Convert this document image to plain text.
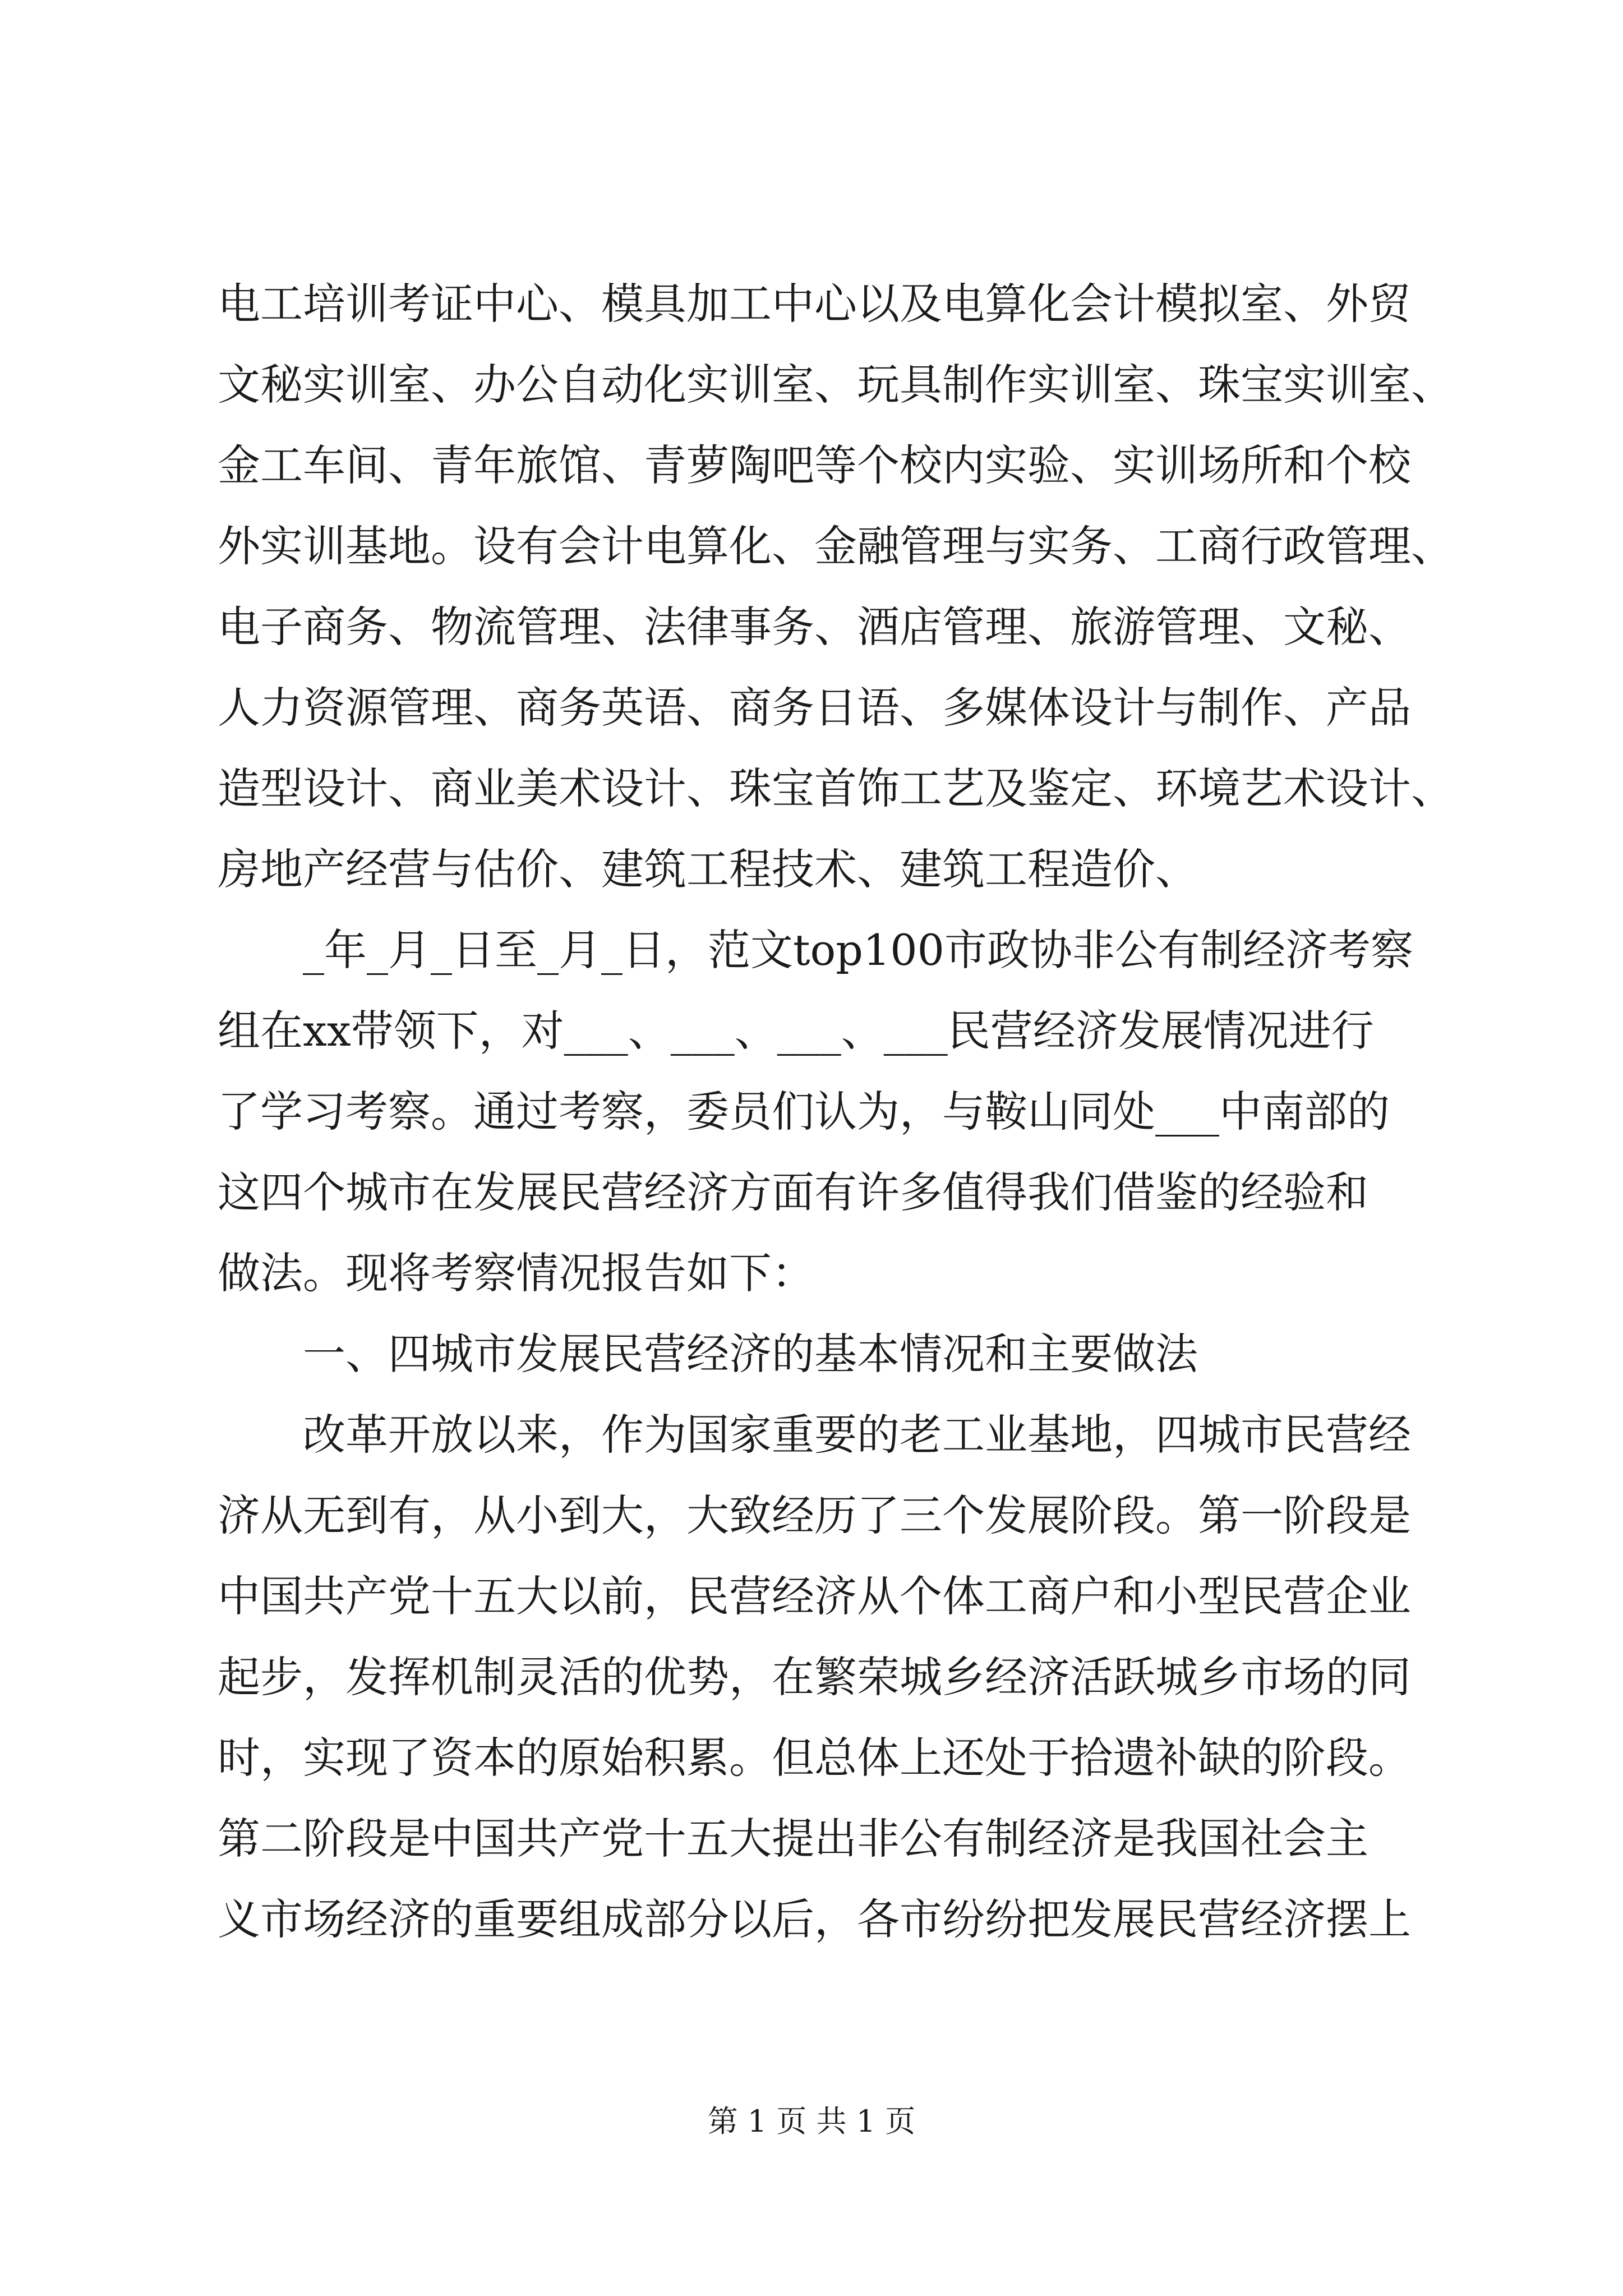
电工培训考证中心、模具加工中心以及电算化会计模拟室、外贸
文秘实训室、办公自动化实训室、玩具制作实训室、珠宝实训室、
金工车间、青年旅馆、青萝陶吧等个校内实验、实训场所和个校
外实训基地。设有会计电算化、金融管理与实务、工商行政管理、
电子商务、物流管理、法律事务、酒店管理、旅游管理、文秘、
人力资源管理、商务英语、商务日语、多媒体设计与制作、产品
造型设计、商业美术设计、珠宝首饰工艺及鉴定、环境艺术设计、
房地产经营与估价、建筑工程技术、建筑工程造价、
　　_年_月_日至_月_日，范文top100市政协非公有制经济考察
组在xx带领下，对___、___、___、___民营经济发展情况进行
了学习考察。通过考察，委员们认为，与鞍山同处___中南部的
这四个城市在发展民营经济方面有许多值得我们借鉴的经验和
做法。现将考察情况报告如下：
　　一、四城市发展民营经济的基本情况和主要做法
　　改革开放以来，作为国家重要的老工业基地，四城市民营经
济从无到有，从小到大，大致经历了三个发展阶段。第一阶段是
中国共产党十五大以前，民营经济从个体工商户和小型民营企业
起步，发挥机制灵活的优势，在繁荣城乡经济活跃城乡市场的同
时，实现了资本的原始积累。但总体上还处于拾遗补缺的阶段。
第二阶段是中国共产党十五大提出非公有制经济是我国社会主
义市场经济的重要组成部分以后，各市纷纷把发展民营经济摆上
第 1 页 共 1 页
